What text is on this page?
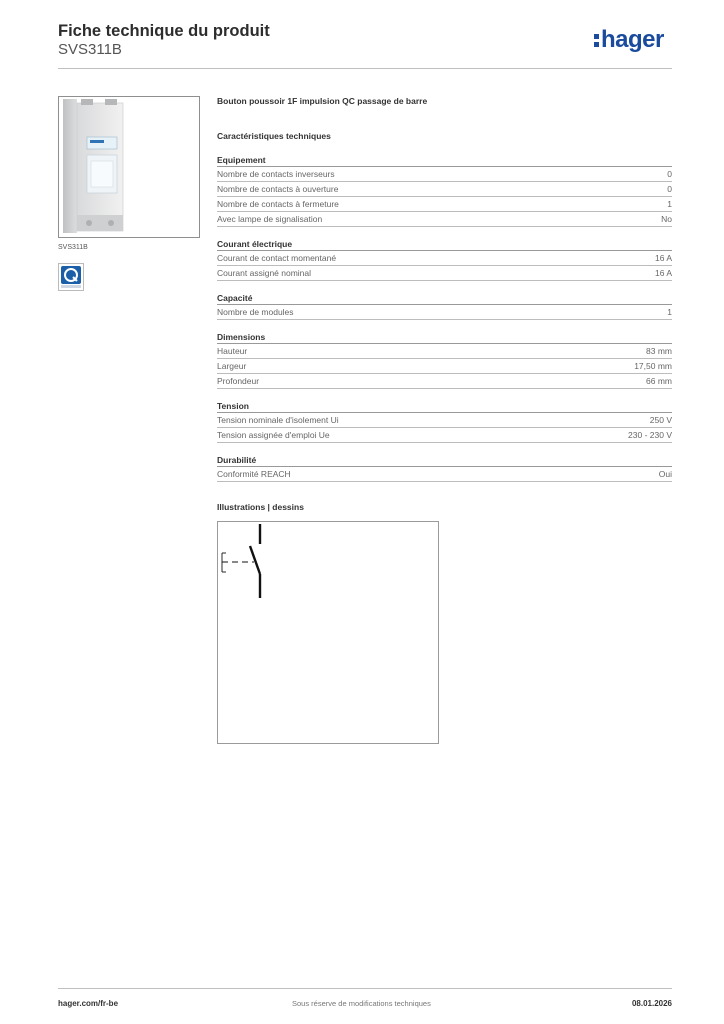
Fiche technique du produit
SVS311B	hager
SVS311B
Bouton poussoir 1F impulsion QC passage de barre
Caractéristiques techniques
Equipement
Nombre de contacts inverseurs	0
Nombre de contacts à ouverture	0
Nombre de contacts à fermeture	1
Avec lampe de signalisation	No
Courant électrique
Courant de contact momentané	16 A
Courant assigné nominal	16 A
Capacité
Nombre de modules	1
Dimensions
Hauteur	83 mm
Largeur	17,50 mm
Profondeur	66 mm
Tension
Tension nominale d'isolement Ui	250 V
Tension assignée d'emploi Ue	230 - 230 V
Durabilité
Conformité REACH	Oui
Illustrations | dessins
hager.com/fr-be	Sous réserve de modifications techniques	08.01.2026
